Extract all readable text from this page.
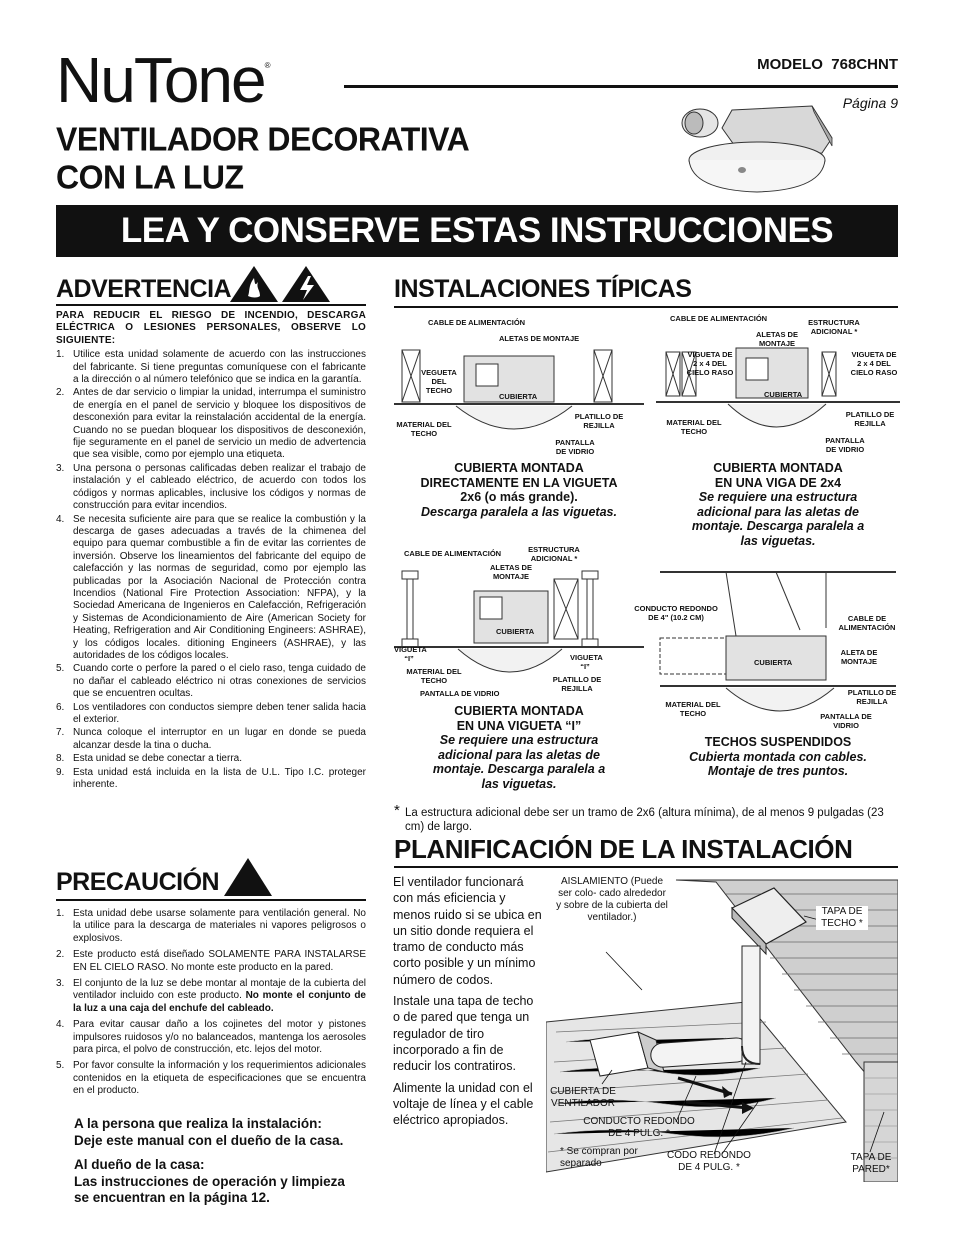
NuTone®	MODELO  768CHNT
Página 9
VENTILADOR DECORATIVA
CON LA LUZ
LEA Y CONSERVE ESTAS INSTRUCCIONES
ADVERTENCIA
PARA REDUCIR EL RIESGO DE INCENDIO, DESCARGA ELÉCTRICA O LESIONES PERSONALES, OBSERVE LO SIGUIENTE:
1. Utilice esta unidad solamente de acuerdo con las instrucciones del fabricante. Si tiene preguntas comuníquese con el fabricante a la dirección o al número telefónico que se indica en la garantía.
2. Antes de dar servicio o limpiar la unidad, interrumpa el suministro de energía en el panel de servicio y bloquee los dispositivos de desconexión para evitar la reinstalación accidental de la energía. Cuando no se puedan bloquear los dispositivos de desconexión, fije seguramente en el panel de servicio un medio de advertencia que sea visible, como por ejemplo una etiqueta.
3. Una persona o personas calificadas deben realizar el trabajo de instalación y el cableado eléctrico, de acuerdo con todos los códigos y normas aplicables, inclusive los códigos y normas de construcción para evitar incendios.
4. Se necesita suficiente aire para que se realice la combustión y la descarga de gases adecuadas a través de la chimenea del equipo para quemar combustible a fin de evitar las corrientes de inversión. Observe los lineamientos del fabricante del equipo de calefacción y las normas de seguridad, como por ejemplo las publicadas por la Asociación Nacional de Protección contra Incendios (National Fire Protection Association: NFPA), y la Sociedad Americana de Ingenieros en Calefacción, Refrigeración y Sistemas de Acondicionamiento de Aire (American Society for Heating, Refrigeration and Air Conditioning Engineers: ASHRAE), y los códigos locales. ditioning Engineers (ASHRAE), y las autoridades de los códigos locales.
5. Cuando corte o perfore la pared o el cielo raso, tenga cuidado de no dañar el cableado eléctrico ni otras conexiones de servicios que se encuentren ocultas.
6. Los ventiladores con conductos siempre deben tener salida hacia el exterior.
7. Nunca coloque el interruptor en un lugar en donde se pueda alcanzar desde la tina o ducha.
8. Esta unidad se debe conectar a tierra.
9. Esta unidad está incluida en la lista de U.L. Tipo I.C. proteger inherente.
PRECAUCIÓN
1. Esta unidad debe usarse solamente para ventilación general. No la utilice para la descarga de materiales ni vapores peligrosos o explosivos.
2. Este producto está diseñado SOLAMENTE PARA INSTALARSE EN EL CIELO RASO. No monte este producto en la pared.
3. El conjunto de la luz se debe montar al montaje de la cubierta del ventilador incluido con este producto. No monte el conjunto de la luz a una caja del enchufe del cableado.
4. Para evitar causar daño a los cojinetes del motor y pistones impulsores ruidosos y/o no balanceados, mantenga los aerosoles para pirca, el polvo de construcción, etc. lejos del motor.
5. Por favor consulte la información y los requerimientos adicionales contenidos en la etiqueta de especificaciones que se encuentra en el producto.
A la persona que realiza la instalación:
Deje este manual con el dueño de la casa.
Al dueño de la casa:
Las instrucciones de operación y limpieza
se encuentran en la página 12.
INSTALACIONES TÍPICAS
CABLE DE ALIMENTACIÓN
ALETAS DE MONTAJE
VEGUETA DEL TECHO
CUBIERTA
MATERIAL DEL TECHO
PLATILLO DE REJILLA
PANTALLA DE VIDRIO
CUBIERTA MONTADA
DIRECTAMENTE EN LA VIGUETA
2x6 (o más grande).
Descarga paralela a las viguetas.
CABLE DE ALIMENTACIÓN	ESTRUCTURA ADICIONAL *
ALETAS DE MONTAJE
VIGUETA DE 2 x 4 DEL CIELO RASO
VIGUETA DE 2 x 4 DEL CIELO RASO
CUBIERTA
MATERIAL DEL TECHO
PLATILLO DE REJILLA
PANTALLA DE VIDRIO
CUBIERTA MONTADA
EN UNA VIGA DE 2x4
Se requiere una estructura
adicional para las aletas de
montaje. Descarga paralela a
las viguetas.
CABLE DE ALIMENTACIÓN	ESTRUCTURA ADICIONAL *
ALETAS DE MONTAJE
CUBIERTA
VIGUETA “I”	VIGUETA “I”
MATERIAL DEL TECHO	PLATILLO DE REJILLA
PANTALLA DE VIDRIO
CUBIERTA MONTADA
EN UNA VIGUETA “I”
Se requiere una estructura
adicional para las aletas de
montaje. Descarga paralela a
las viguetas.
CONDUCTO REDONDO DE 4" (10.2 CM)	CABLE DE ALIMENTACIÓN
CUBIERTA
ALETA DE MONTAJE
PLATILLO DE REJILLA
MATERIAL DEL TECHO	PANTALLA DE VIDRIO
TECHOS SUSPENDIDOS
Cubierta montada con cables.
Montaje de tres puntos.
* La estructura adicional debe ser un tramo de 2x6 (altura mínima), de al menos 9 pulgadas (23 cm) de largo.
PLANIFICACIÓN DE LA INSTALACIÓN
El ventilador funcionará con más eficiencia y menos ruido si se ubica en un sitio donde requiera el tramo de conducto más corto posible y un mínimo número de codos.
Instale una tapa de techo o de pared que tenga un regulador de tiro incorporado a fin de reducir los contratiros.
Alimente la unidad con el voltaje de línea y el cable eléctrico apropiados.
AISLAMIENTO (Puede ser colo- cado alrededor y sobre de la cubierta del ventilador.)
TAPA DE TECHO *
CUBIERTA DE VENTILADOR
CONDUCTO REDONDO DE 4 PULG. *
* Se compran por separado
CODO REDONDO DE 4 PULG. *
TAPA DE PARED*
